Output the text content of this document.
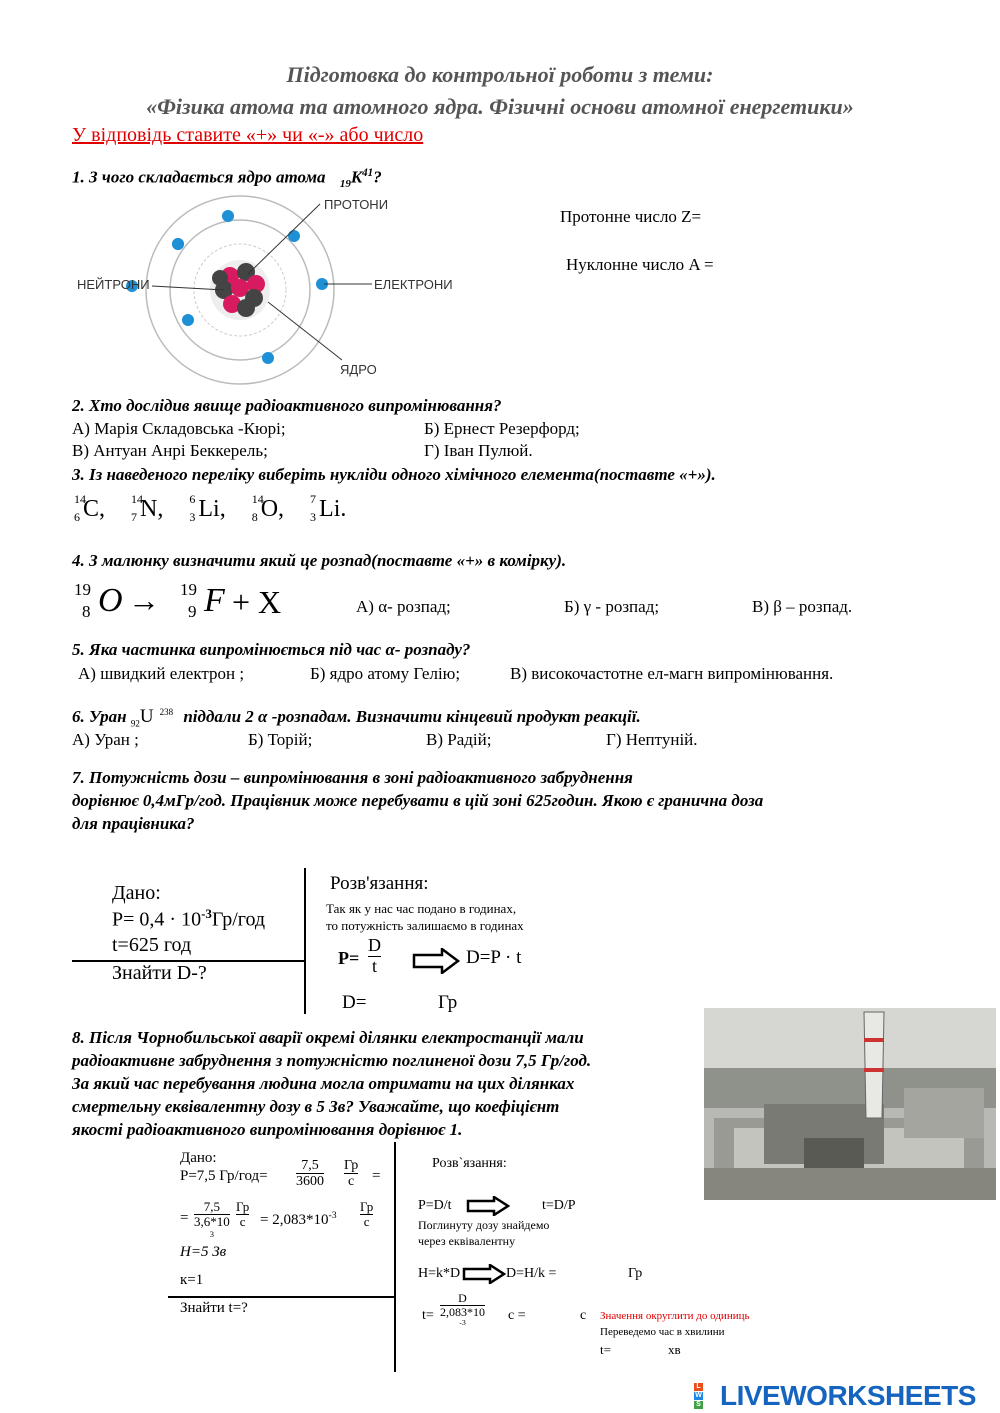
Підготовка до контрольної роботи з теми:
«Фізика атома та атомного ядра. Фізичні основи атомної енергетики»
У відповідь ставите «+» чи «-» або число
1. З чого складається ядро атома $_{19}K^{41}$?
ПРОТОНИ
НЕЙТРОНИ	ЕЛЕКТРОНИ
ЯДРО
Протонне число Z=
Нуклонне число A =
2. Хто дослідив явище радіоактивного випромінювання?
А) Марія Складовська -Кюрі;	Б) Ернест Резерфорд;
В) Антуан Анрі Беккерель;	Г) Іван Пулюй.
3. Із наведеного переліку виберіть нукліди одного хімічного елемента(поставте «+»).
14
6 C, 14
7 N, 6
3 Li, 14
8 O, 7
3 Li.
4. З малюнку визначити який це розпад(поставте «+» в комірку).
19
8 O → 19
9 F + X	А) α- розпад;	Б) γ - розпад;	В) β – розпад.
5. Яка частинка випромінюється під час α- розпаду?
А) швидкий електрон ;	Б) ядро атому Гелію;	В) високочастотне ел-магн випромінювання.
6. Уран $_{92}$U $^{238}$ піддали 2 α -розпадам. Визначити кінцевий продукт реакції.
А) Уран ;	Б) Торій;	В) Радій;	Г) Нептуній.
7. Потужність дози – випромінювання в зоні радіоактивного забруднення
дорівнює 0,4мГр/год. Працівник може перебувати в цій зоні 625годин. Якою є гранична доза
для працівника?
Дано:
$P= 0,4 \cdot 10^{-3}Гр$/год
t=625 год
Знайти D-?
Розв'язання:
Так як у нас час подано в годинах,
то потужність залишаємо в годинах
$P= \frac{D}{t}$	D=P · t
D=	Гр
8. Після Чорнобильської аварії окремі ділянки електростанції мали
радіоактивне забруднення з потужністю поглиненої дози 7,5 Гр/год.
За який час перебування людина могла отримати на цих ділянках
смертельну еквівалентну дозу в 5 Зв? Уважайте, що коефіцієнт
якості радіоактивного випромінювання дорівнює 1.
Дано:
P=7,5 $Гр/год= \frac{7,5}{3600}$ Гр
с =
= 7,5
3,6*10
$^3$ Гр
$с = 2,083*10^{-3}$
Гр
с
H=5 Зв
к=1
Знайти t=?
Розв`язання:
P=D/t	t=D/P
Поглинуту дозу знайдемо
через еквівалентну
H=k*D	D=H/k =	Гр
t= D
2,083*10
$^{-3}$ с =	с Значення округлити до одиниць
Переведемо час в хвилини
t=	хв
L
W
S LIVEWORKSHEETS
